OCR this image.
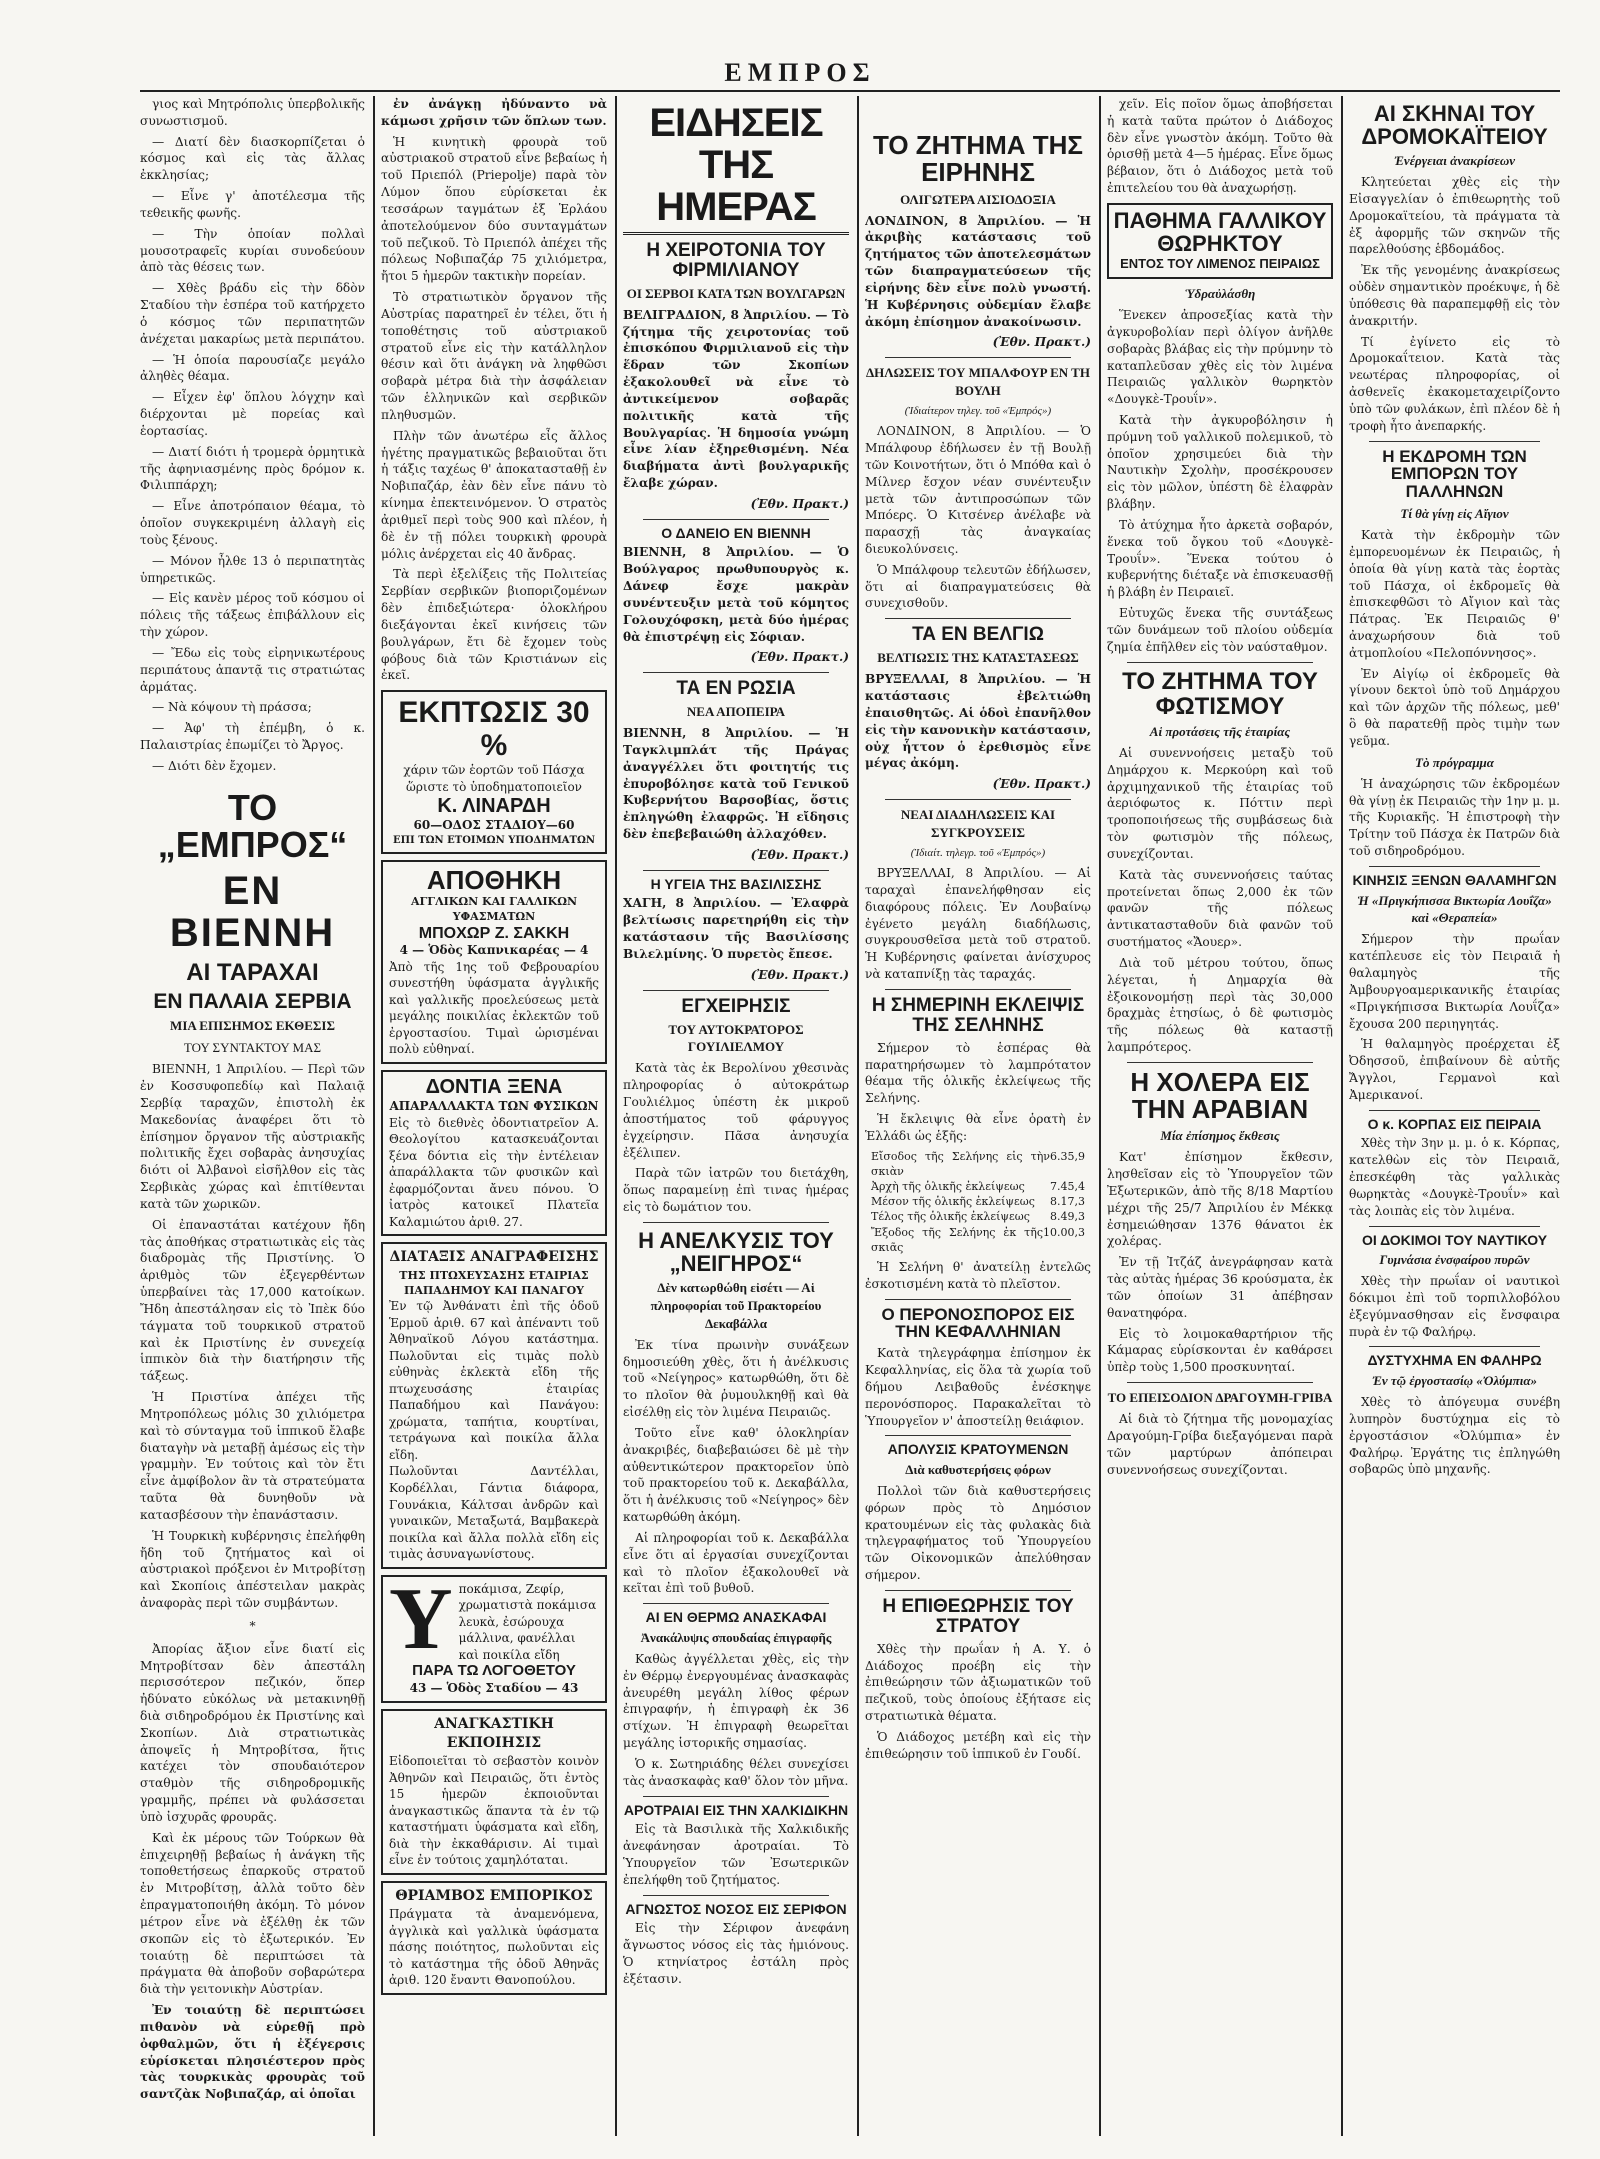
ΕΜΠΡΟΣ

γιος καὶ Μητρόπολις ὑπερβολικῆς συνωστισμοῦ.

— Διατί δὲν διασκορπίζεται ὁ κόσμος καὶ εἰς τὰς ἄλλας ἐκκλησίας;

— Εἶνε γ' ἀποτέλεσμα τῆς τεθεικῆς φωνῆς.

— Τὴν ὁποίαν πολλαὶ μουσοτραφεῖς κυρίαι συνοδεύουν ἀπὸ τὰς θέσεις των.

— Χθὲς βράδυ εἰς τὴν δδὸν Σταδίου τὴν ἑσπέρα τοῦ κατήρχετο ὁ κόσμος τῶν περιπατητῶν ἀνέχεται μακαρίως μετὰ περιπάτου.

— Ἡ ὁποία παρουσίαζε μεγάλο ἀληθὲς θέαμα.

— Εἶχεν ἐφ' ὅπλου λόγχην καὶ διέρχονται μὲ πορείας καὶ ἑορτασίας.

— Διατί διότι ἡ τρομερὰ ὁρμητικὰ τῆς ἀφηνιασμένης πρὸς δρόμον κ. Φιλιππάρχη;

— Εἶνε ἀποτρόπαιον θέαμα, τὸ ὁποῖον συγκεκριμένη ἀλλαγὴ εἰς τοὺς ξένους.

— Μόνον ἦλθε 13 ὁ περιπατητὰς ὑπηρετικῶς.

— Εἰς κανὲν μέρος τοῦ κόσμου οἱ πόλεις τῆς τάξεως ἐπιβάλλουν εἰς τὴν χώρον.

— Ἔδω εἰς τοὺς εἰρηνικωτέρους περιπάτους ἀπαντᾷ τις στρατιώτας ἀρμάτας.

— Νὰ κόψουν τὴ πράσσα;

— Ἀφ' τὴ ἐπέμβη, ὁ κ. Παλαιστρίας ἐπωμίζει τὸ Ἄργος.

— Διότι δὲν ἔχομεν.

ΤΟ „ΕΜΠΡΟΣ“
ΕΝ ΒΙΕΝΝΗ
ΑΙ ΤΑΡΑΧΑΙ
ΕΝ ΠΑΛΑΙΑ ΣΕΡΒΙΑ
ΜΙΑ ΕΠΙΣΗΜΟΣ ΕΚΘΕΣΙΣ
ΤΟΥ ΣΥΝΤΑΚΤΟΥ ΜΑΣ

ΒΙΕΝΝΗ, 1 Ἀπριλίου. — Περὶ τῶν ἐν Κοσσυφοπεδίῳ καὶ Παλαιᾷ Σερβίᾳ ταραχῶν, ἐπιστολὴ ἐκ Μακεδονίας ἀναφέρει ὅτι τὸ ἐπίσημον ὄργανον τῆς αὐστριακῆς πολιτικῆς ἔχει σοβαρὰς ἀνησυχίας διότι οἱ Ἀλβανοὶ εἰσῆλθον εἰς τὰς Σερβικὰς χώρας καὶ ἐπιτίθενται κατὰ τῶν χωρικῶν.

Οἱ ἐπαναστάται κατέχουν ἤδη τὰς ἀποθήκας στρατιωτικὰς εἰς τὰς διαδρομὰς τῆς Πριστίνης. Ὁ ἀριθμὸς τῶν ἐξεγερθέντων ὑπερβαίνει τὰς 17,000 κατοίκων. Ἤδη ἀπεστάλησαν εἰς τὸ Ἰπὲκ δύο τάγματα τοῦ τουρκικοῦ στρατοῦ καὶ ἐκ Πριστίνης ἐν συνεχείᾳ ἱππικὸν διὰ τὴν διατήρησιν τῆς τάξεως.

Ἡ Πριστίνα ἀπέχει τῆς Μητροπόλεως μόλις 30 χιλιόμετρα καὶ τὸ σύνταγμα τοῦ ἱππικοῦ ἔλαβε διαταγὴν νὰ μεταβῇ ἀμέσως εἰς τὴν γραμμὴν. Ἐν τούτοις καὶ τὸν ἔτι εἶνε ἀμφίβολον ἂν τὰ στρατεύματα ταῦτα θὰ δυνηθοῦν νὰ κατασβέσουν τὴν ἐπανάστασιν.

Ἡ Τουρκικὴ κυβέρνησις ἐπελήφθη ἤδη τοῦ ζητήματος καὶ οἱ αὐστριακοὶ πρόξενοι ἐν Μιτροβίτσῃ καὶ Σκοπίοις ἀπέστειλαν μακρὰς ἀναφορὰς περὶ τῶν συμβάντων.

*

Ἀπορίας ἄξιον εἶνε διατί εἰς Μητροβίτσαν δὲν ἀπεστάλη περισσότερον πεζικόν, ὅπερ ἠδύνατο εὐκόλως νὰ μετακινηθῇ διὰ σιδηροδρόμου ἐκ Πριστίνης καὶ Σκοπίων. Διὰ στρατιωτικὰς ἀποψεῖς ἡ Μητροβίτσα, ἥτις κατέχει τὸν σπουδαιότερον σταθμὸν τῆς σιδηροδρομικῆς γραμμῆς, πρέπει νὰ φυλάσσεται ὑπὸ ἰσχυρᾶς φρουρᾶς.

Καὶ ἐκ μέρους τῶν Τούρκων θὰ ἐπιχειρηθῇ βεβαίως ἡ ἀνάγκη τῆς τοποθετήσεως ἐπαρκοῦς στρατοῦ ἐν Μιτροβίτσῃ, ἀλλὰ τοῦτο δὲν ἐπραγματοποιήθη ἀκόμη. Τὸ μόνον μέτρον εἶνε νὰ ἐξέλθῃ ἐκ τῶν σκοπῶν εἰς τὸ ἐξωτερικόν. Ἐν τοιαύτῃ δὲ περιπτώσει τὰ πράγματα θὰ ἀποβοῦν σοβαρώτερα διὰ τὴν γειτονικὴν Αὐστρίαν.

Ἐν τοιαύτῃ δὲ περιπτώσει πιθανὸν νὰ εὑρεθῇ πρὸ ὀφθαλμῶν, ὅτι ἡ ἐξέγερσις εὑρίσκεται πλησιέστερον πρὸς τὰς τουρκικὰς φρουρὰς τοῦ σαντζὰκ Νοβιπαζάρ, αἱ ὁποῖαι

ἐν ἀνάγκῃ ἠδύναντο νὰ κάμωσι χρῆσιν τῶν ὅπλων των.

Ἡ κινητικὴ φρουρὰ τοῦ αὐστριακοῦ στρατοῦ εἶνε βεβαίως ἡ τοῦ Πριεπόλ (Priepolje) παρὰ τὸν Λύμον ὅπου εὑρίσκεται ἐκ τεσσάρων ταγμάτων ἐξ Ἑρλάου ἀποτελούμενον δύο συνταγμάτων τοῦ πεζικοῦ. Τὸ Πριεπόλ ἀπέχει τῆς πόλεως Νοβιπαζάρ 75 χιλιόμετρα, ἤτοι 5 ἡμερῶν τακτικὴν πορείαν.

Τὸ στρατιωτικὸν ὄργανον τῆς Αὐστρίας παρατηρεῖ ἐν τέλει, ὅτι ἡ τοποθέτησις τοῦ αὐστριακοῦ στρατοῦ εἶνε εἰς τὴν κατάλληλον θέσιν καὶ ὅτι ἀνάγκη νὰ ληφθῶσι σοβαρὰ μέτρα διὰ τὴν ἀσφάλειαν τῶν ἑλληνικῶν καὶ σερβικῶν πληθυσμῶν.

Πλὴν τῶν ἀνωτέρω εἶς ἄλλος ἡγέτης πραγματικῶς βεβαιοῦται ὅτι ἡ τάξις ταχέως θ' ἀποκατασταθῇ ἐν Νοβιπαζάρ, ἐὰν δὲν εἶνε πάνυ τὸ κίνημα ἐπεκτεινόμενον. Ὁ στρατὸς ἀριθμεῖ περὶ τοὺς 900 καὶ πλέον, ἡ δὲ ἐν τῇ πόλει τουρκικὴ φρουρὰ μόλις ἀνέρχεται εἰς 40 ἄνδρας.

Τὰ περὶ ἐξελίξεις τῆς Πολιτείας Σερβίαν σερβικῶν βιοποριζομένων δὲν ἐπιδεξιώτερα· ὁλοκλήρου διεξάγονται ἐκεῖ κινήσεις τῶν βουλγάρων, ἔτι δὲ ἔχομεν τοὺς φόβους διὰ τῶν Κριστιάνων εἰς ἐκεῖ.

ΕΚΠΤΩΣΙΣ 30 %
χάριν τῶν ἑορτῶν τοῦ Πάσχα ὥριστε τὸ ὑποδηματοποιεῖον
Κ. ΛΙΝΑΡΔΗ
60—ΟΔΟΣ ΣΤΑΔΙΟΥ—60
ΕΠΙ ΤΩΝ ΕΤΟΙΜΩΝ ΥΠΟΔΗΜΑΤΩΝ
ΑΠΟΘΗΚΗ
ΑΓΓΛΙΚΩΝ ΚΑΙ ΓΑΛΛΙΚΩΝ ΥΦΑΣΜΑΤΩΝ
ΜΠΟΧΩΡ Ζ. ΣΑΚΚΗ
4 — Ὁδὸς Καπνικαρέας — 4
Ἀπὸ τῆς 1ης τοῦ Φεβρουαρίου συνεστήθη ὑφάσματα ἀγγλικῆς καὶ γαλλικῆς προελεύσεως μετὰ μεγάλης ποικιλίας ἐκλεκτῶν τοῦ ἐργοστασίου. Τιμαὶ ὡρισμέναι πολὺ εὐθηναί.
ΔΟΝΤΙΑ ΞΕΝΑ
ΑΠΑΡΑΛΛΑΚΤΑ ΤΩΝ ΦΥΣΙΚΩΝ
Εἰς τὸ διεθνὲς ὀδοντιατρεῖον Α. Θεολογίτου κατασκευάζονται ξένα δόντια εἰς τὴν ἐντέλειαν ἀπαράλλακτα τῶν φυσικῶν καὶ ἐφαρμόζονται ἄνευ πόνου. Ὁ ἰατρὸς κατοικεῖ Πλατεῖα Καλαμιώτου ἀριθ. 27.
ΔΙΑΤΑΞΙΣ ΑΝΑΓΡΑΦΕΙΣΗΣ
ΤΗΣ ΠΤΩΧΕΥΣΑΣΗΣ ΕΤΑΙΡΙΑΣ ΠΑΠΑΔΗΜΟΥ ΚΑΙ ΠΑΝΑΓΟΥ
Ἐν τῷ Ἀνθάνατι ἐπὶ τῆς ὁδοῦ Ἑρμοῦ ἀριθ. 67 καὶ ἀπέναντι τοῦ Ἀθηναϊκοῦ Λόγου κατάστημα. Πωλοῦνται εἰς τιμὰς πολὺ εὐθηνὰς ἐκλεκτὰ εἴδη τῆς πτωχευσάσης ἑταιρίας Παπαδήμου καὶ Πανάγου: χρώματα, ταπήτια, κουρτίναι, τετράγωνα καὶ ποικίλα ἄλλα εἴδη.
Πωλοῦνται Δαντέλλαι, Κορδέλλαι, Γάντια διάφορα, Γουνάκια, Κάλτσαι ἀνδρῶν καὶ γυναικῶν, Μεταξωτά, Βαμβακερὰ ποικίλα καὶ ἄλλα πολλὰ εἴδη εἰς τιμὰς ἀσυναγωνίστους.
Υ ποκάμισα, Ζεφίρ, χρωματιστὰ ποκάμισα λευκὰ, ἐσώρουχα μάλλινα, φανέλλαι καὶ ποικίλα εἴδη
ΠΑΡΑ ΤΩ ΛΟΓΟΘΕΤΟΥ
43 — Ὁδὸς Σταδίου — 43
ΑΝΑΓΚΑΣΤΙΚΗ ΕΚΠΟΙΗΣΙΣ
Εἰδοποιεῖται τὸ σεβαστὸν κοινὸν Ἀθηνῶν καὶ Πειραιῶς, ὅτι ἐντὸς 15 ἡμερῶν ἐκποιοῦνται ἀναγκαστικῶς ἅπαντα τὰ ἐν τῷ καταστήματι ὑφάσματα καὶ εἴδη, διὰ τὴν ἐκκαθάρισιν. Αἱ τιμαὶ εἶνε ἐν τούτοις χαμηλόταται.
ΘΡΙΑΜΒΟΣ ΕΜΠΟΡΙΚΟΣ
Πράγματα τὰ ἀναμενόμενα, ἀγγλικὰ καὶ γαλλικὰ ὑφάσματα πάσης ποιότητος, πωλοῦνται εἰς τὸ κατάστημα τῆς ὁδοῦ Ἀθηνᾶς ἀριθ. 120 ἔναντι Θανοπούλου.
ΕΙΔΗΣΕΙΣ ΤΗΣ ΗΜΕΡΑΣ
Η ΧΕΙΡΟΤΟΝΙΑ ΤΟΥ ΦΙΡΜΙΛΙΑΝΟΥ
ΟΙ ΣΕΡΒΟΙ ΚΑΤΑ ΤΩΝ ΒΟΥΛΓΑΡΩΝ

ΒΕΛΙΓΡΑΔΙΟΝ, 8 Ἀπριλίου. — Τὸ ζήτημα τῆς χειροτονίας τοῦ ἐπισκόπου Φιρμιλιανοῦ εἰς τὴν ἕδραν τῶν Σκοπίων ἐξακολουθεῖ νὰ εἶνε τὸ ἀντικείμενον σοβαρᾶς πολιτικῆς κατὰ τῆς Βουλγαρίας. Ἡ δημοσία γνώμη εἶνε λίαν ἐξηρεθισμένη. Νέα διαβήματα ἀντὶ βουλγαρικῆς ἔλαβε χώραν.

(Ἐθν. Πρακτ.)

Ο ΔΑΝΕΙΟ ΕΝ ΒΙΕΝΝΗ

ΒΙΕΝΝΗ, 8 Ἀπριλίου. — Ὁ Βούλγαρος πρωθυπουργὸς κ. Δάνεφ ἔσχε μακρὰν συνέντευξιν μετὰ τοῦ κόμητος Γολουχόφσκη, μετὰ δύο ἡμέρας θὰ ἐπιστρέψῃ εἰς Σόφιαν.

(Ἐθν. Πρακτ.)

ΤΑ ΕΝ ΡΩΣΙΑ
ΝΕΑ ΑΠΟΠΕΙΡΑ

ΒΙΕΝΝΗ, 8 Ἀπριλίου. — Ἡ Ταγκλιμπλάτ τῆς Πράγας ἀναγγέλλει ὅτι φοιτητής τις ἐπυροβόλησε κατὰ τοῦ Γενικοῦ Κυβερνήτου Βαρσοβίας, ὅστις ἐπληγώθη ἐλαφρῶς. Ἡ εἴδησις δὲν ἐπεβεβαιώθη ἀλλαχόθεν.

(Ἐθν. Πρακτ.)

Η ΥΓΕΙΑ ΤΗΣ ΒΑΣΙΛΙΣΣΗΣ

ΧΑΓΗ, 8 Ἀπριλίου. — Ἐλαφρὰ βελτίωσις παρετηρήθη εἰς τὴν κατάστασιν τῆς Βασιλίσσης Βιλελμίνης. Ὁ πυρετὸς ἔπεσε.

(Ἐθν. Πρακτ.)

ΕΓΧΕΙΡΗΣΙΣ
ΤΟΥ ΑΥΤΟΚΡΑΤΟΡΟΣ ΓΟΥΙΛΙΕΛΜΟΥ

Κατὰ τὰς ἐκ Βερολίνου χθεσινὰς πληροφορίας ὁ αὐτοκράτωρ Γουλιέλμος ὑπέστη ἐκ μικροῦ ἀποστήματος τοῦ φάρυγγος ἐγχείρησιν. Πᾶσα ἀνησυχία ἐξέλιπεν.

Παρὰ τῶν ἰατρῶν του διετάχθη, ὅπως παραμείνῃ ἐπὶ τινας ἡμέρας εἰς τὸ δωμάτιον του.

Η ΑΝΕΛΚΥΣΙΣ ΤΟΥ „ΝΕΙΓΗΡΟΣ“
Δὲν κατωρθώθη εἰσέτι — Αἱ πληροφορίαι τοῦ Πρακτορείου Δεκαβάλλα

Ἐκ τίνα πρωινὴν συνάξεων δημοσιεύθη χθὲς, ὅτι ἡ ἀνέλκυσις τοῦ «Νείγηρος» κατωρθώθη, ὅτι δὲ το πλοῖον θὰ ῥυμουλκηθῇ καὶ θὰ εἰσέλθῃ εἰς τὸν λιμένα Πειραιῶς.

Τοῦτο εἶνε καθ' ὁλοκληρίαν ἀνακριβές, διαβεβαιώσει δὲ μὲ τὴν αὐθεντικώτερον πρακτορεῖον ὑπὸ τοῦ πρακτορείου τοῦ κ. Δεκαβάλλα, ὅτι ἡ ἀνέλκυσις τοῦ «Νείγηρος» δὲν κατωρθώθη ἀκόμη.

Αἱ πληροφορίαι τοῦ κ. Δεκαβάλλα εἶνε ὅτι αἱ ἐργασίαι συνεχίζονται καὶ τὸ πλοῖον ἐξακολουθεῖ νὰ κεῖται ἐπὶ τοῦ βυθοῦ.

ΑΙ ΕΝ ΘΕΡΜΩ ΑΝΑΣΚΑΦΑΙ
Ἀνακάλυψις σπουδαίας ἐπιγραφῆς

Καθὼς ἀγγέλλεται χθὲς, εἰς τὴν ἐν Θέρμῳ ἐνεργουμένας ἀνασκαφὰς ἀνευρέθη μεγάλη λίθος φέρων ἐπιγραφήν, ἡ ἐπιγραφὴ ἐκ 36 στίχων. Ἡ ἐπιγραφὴ θεωρεῖται μεγάλης ἱστορικῆς σημασίας.

Ὁ κ. Σωτηριάδης θέλει συνεχίσει τὰς ἀνασκαφὰς καθ' ὅλον τὸν μῆνα.

ΑΡΟΤΡΑΙΑΙ ΕΙΣ ΤΗΝ ΧΑΛΚΙΔΙΚΗΝ

Εἰς τὰ Βασιλικὰ τῆς Χαλκιδικῆς ἀνεφάνησαν ἀροτραίαι. Τὸ Ὑπουργεῖον τῶν Ἐσωτερικῶν ἐπελήφθη τοῦ ζητήματος.

ΑΓΝΩΣΤΟΣ ΝΟΣΟΣ ΕΙΣ ΣΕΡΙΦΟΝ

Εἰς τὴν Σέριφον ἀνεφάνη ἄγνωστος νόσος εἰς τὰς ἡμιόνους. Ὁ κτηνίατρος ἐστάλη πρὸς ἐξέτασιν.

ΤΟ ΖΗΤΗΜΑ ΤΗΣ ΕΙΡΗΝΗΣ
ΟΛΙΓΩΤΕΡΑ ΑΙΣΙΟΔΟΞΙΑ

ΛΟΝΔΙΝΟΝ, 8 Ἀπριλίου. — Ἡ ἀκριβὴς κατάστασις τοῦ ζητήματος τῶν ἀποτελεσμάτων τῶν διαπραγματεύσεων τῆς εἰρήνης δὲν εἶνε πολὺ γνωστή. Ἡ Κυβέρνησις οὐδεμίαν ἔλαβε ἀκόμη ἐπίσημον ἀνακοίνωσιν.

(Ἐθν. Πρακτ.)

ΔΗΛΩΣΕΙΣ ΤΟΥ ΜΠΑΛΦΟΥΡ ΕΝ ΤΗ ΒΟΥΛΗ
(Ἰδιαίτερον τηλεγ. τοῦ «Ἐμπρός»)

ΛΟΝΔΙΝΟΝ, 8 Ἀπριλίου. — Ὁ Μπάλφουρ ἐδήλωσεν ἐν τῇ Βουλῇ τῶν Κοινοτήτων, ὅτι ὁ Μπόθα καὶ ὁ Μίλνερ ἔσχον νέαν συνέντευξιν μετὰ τῶν ἀντιπροσώπων τῶν Μπόερς. Ὁ Κιτσένερ ἀνέλαβε νὰ παρασχῇ τὰς ἀναγκαίας διευκολύνσεις.

Ὁ Μπάλφουρ τελευτῶν ἐδήλωσεν, ὅτι αἱ διαπραγματεύσεις θὰ συνεχισθοῦν.

ΤΑ ΕΝ ΒΕΛΓΙΩ
ΒΕΛΤΙΩΣΙΣ ΤΗΣ ΚΑΤΑΣΤΑΣΕΩΣ

ΒΡΥΞΕΛΛΑΙ, 8 Ἀπριλίου. — Ἡ κατάστασις ἐβελτιώθη ἐπαισθητῶς. Αἱ ὁδοὶ ἐπανῆλθον εἰς τὴν κανονικὴν κατάστασιν, οὐχ ἧττον ὁ ἐρεθισμὸς εἶνε μέγας ἀκόμη.

(Ἐθν. Πρακτ.)

ΝΕΑΙ ΔΙΑΔΗΛΩΣΕΙΣ ΚΑΙ ΣΥΓΚΡΟΥΣΕΙΣ
(Ἰδιαίτ. τηλεγρ. τοῦ «Ἐμπρός»)

ΒΡΥΞΕΛΛΑΙ, 8 Ἀπριλίου. — Αἱ ταραχαὶ ἐπανελήφθησαν εἰς διαφόρους πόλεις. Ἐν Λουβαίνῳ ἐγένετο μεγάλη διαδήλωσις, συγκρουσθεῖσα μετὰ τοῦ στρατοῦ. Ἡ Κυβέρνησις φαίνεται ἀνίσχυρος νὰ καταπνίξῃ τὰς ταραχάς.

Η ΣΗΜΕΡΙΝΗ ΕΚΛΕΙΨΙΣ ΤΗΣ ΣΕΛΗΝΗΣ

Σήμερον τὸ ἑσπέρας θὰ παρατηρήσωμεν τὸ λαμπρότατον θέαμα τῆς ὁλικῆς ἐκλείψεως τῆς Σελήνης.

Ἡ ἔκλειψις θὰ εἶνε ὁρατὴ ἐν Ἑλλάδι ὡς ἑξῆς:

Εἴσοδος τῆς Σελήνης εἰς τὴν σκιὰν
6.35,9
Ἀρχὴ τῆς ὁλικῆς ἐκλείψεως 7.45,4
Μέσον τῆς ὁλικῆς ἐκλείψεως 8.17,3
Τέλος τῆς ὁλικῆς ἐκλείψεως 8.49,3
Ἔξοδος τῆς Σελήνης ἐκ τῆς σκιᾶς
10.00,3

Ἡ Σελήνη θ' ἀνατείλῃ ἐντελῶς ἐσκοτισμένη κατὰ τὸ πλεῖστον.

Ο ΠΕΡΟΝΟΣΠΟΡΟΣ ΕΙΣ ΤΗΝ ΚΕΦΑΛΛΗΝΙΑΝ

Κατὰ τηλεγράφημα ἐπίσημον ἐκ Κεφαλληνίας, εἰς ὅλα τὰ χωρία τοῦ δήμου Λειβαθοῦς ἐνέσκηψε περονόσπορος. Παρακαλεῖται τὸ Ὑπουργεῖον ν' ἀποστείλῃ θειάφιον.

ΑΠΟΛΥΣΙΣ ΚΡΑΤΟΥΜΕΝΩΝ
Διὰ καθυστερήσεις φόρων

Πολλοὶ τῶν διὰ καθυστερήσεις φόρων πρὸς τὸ Δημόσιον κρατουμένων εἰς τὰς φυλακὰς διὰ τηλεγραφήματος τοῦ Ὑπουργείου τῶν Οἰκονομικῶν ἀπελύθησαν σήμερον.

Η ΕΠΙΘΕΩΡΗΣΙΣ ΤΟΥ ΣΤΡΑΤΟΥ

Χθὲς τὴν πρωΐαν ἡ Α. Υ. ὁ Διάδοχος προέβη εἰς τὴν ἐπιθεώρησιν τῶν ἀξιωματικῶν τοῦ πεζικοῦ, τοὺς ὁποίους ἐξήτασε εἰς στρατιωτικὰ θέματα.

Ὁ Διάδοχος μετέβη καὶ εἰς τὴν ἐπιθεώρησιν τοῦ ἱππικοῦ ἐν Γουδί.

χεῖν. Εἰς ποῖον ὅμως ἀποβήσεται ἡ κατὰ ταῦτα πρώτον ὁ Διάδοχος δὲν εἶνε γνωστὸν ἀκόμη. Τοῦτο θὰ ὁρισθῇ μετὰ 4—5 ἡμέρας. Εἶνε ὅμως βέβαιον, ὅτι ὁ Διάδοχος μετὰ τοῦ ἐπιτελείου του θὰ ἀναχωρήσῃ.

ΠΑΘΗΜΑ ΓΑΛΛΙΚΟΥ ΘΩΡΗΚΤΟΥ
ΕΝΤΟΣ ΤΟΥ ΛΙΜΕΝΟΣ ΠΕΙΡΑΙΩΣ
Ὑδραὐλάσθη

Ἕνεκεν ἀπροσεξίας κατὰ τὴν ἀγκυροβολίαν περὶ ὀλίγον ἀνῆλθε σοβαρὰς βλάβας εἰς τὴν πρύμνην τὸ καταπλεῦσαν χθὲς εἰς τὸν λιμένα Πειραιῶς γαλλικὸν θωρηκτὸν «Δουγκὲ-Τρουΐν».

Κατὰ τὴν ἀγκυροβόλησιν ἡ πρύμνη τοῦ γαλλικοῦ πολεμικοῦ, τὸ ὁποῖον χρησιμεύει διὰ τὴν Ναυτικὴν Σχολὴν, προσέκρουσεν εἰς τὸν μῶλον, ὑπέστη δὲ ἐλαφρὰν βλάβην.

Τὸ ἀτύχημα ἦτο ἀρκετὰ σοβαρόν, ἕνεκα τοῦ ὄγκου τοῦ «Δουγκὲ-Τρουΐν». Ἕνεκα τούτου ὁ κυβερνήτης διέταξε νὰ ἐπισκευασθῇ ἡ βλάβη ἐν Πειραιεῖ.

Εὐτυχῶς ἕνεκα τῆς συντάξεως τῶν δυνάμεων τοῦ πλοίου οὐδεμία ζημία ἐπῆλθεν εἰς τὸν ναύσταθμον.

ΤΟ ΖΗΤΗΜΑ ΤΟΥ ΦΩΤΙΣΜΟΥ
Αἱ προτάσεις τῆς ἑταιρίας

Αἱ συνεννοήσεις μεταξὺ τοῦ Δημάρχου κ. Μερκούρη καὶ τοῦ ἀρχιμηχανικοῦ τῆς ἑταιρίας τοῦ ἀεριόφωτος κ. Πόττιν περὶ τροποποιήσεως τῆς συμβάσεως διὰ τὸν φωτισμὸν τῆς πόλεως, συνεχίζονται.

Κατὰ τὰς συνεννοήσεις ταύτας προτείνεται ὅπως 2,000 ἐκ τῶν φανῶν τῆς πόλεως ἀντικατασταθοῦν διὰ φανῶν τοῦ συστήματος «Ἄουερ».

Διὰ τοῦ μέτρου τούτου, ὅπως λέγεται, ἡ Δημαρχία θὰ ἐξοικονομήσῃ περὶ τὰς 30,000 δραχμὰς ἐτησίως, ὁ δὲ φωτισμὸς τῆς πόλεως θὰ καταστῇ λαμπρότερος.

Η ΧΟΛΕΡΑ ΕΙΣ ΤΗΝ ΑΡΑΒΙΑΝ
Μία ἐπίσημος ἔκθεσις

Κατ' ἐπίσημον ἔκθεσιν, λησθεῖσαν εἰς τὸ Ὑπουργεῖον τῶν Ἐξωτερικῶν, ἀπὸ τῆς 8/18 Μαρτίου μέχρι τῆς 25/7 Ἀπριλίου ἐν Μέκκᾳ ἐσημειώθησαν 1376 θάνατοι ἐκ χολέρας.

Ἐν τῇ Ἰτζάζ ἀνεγράφησαν κατὰ τὰς αὐτὰς ἡμέρας 36 κρούσματα, ἐκ τῶν ὁποίων 31 ἀπέβησαν θανατηφόρα.

Εἰς τὸ λοιμοκαθαρτήριον τῆς Κάμαρας εὑρίσκονται ἐν καθάρσει ὑπὲρ τοὺς 1,500 προσκυνηταί.

ΤΟ ΕΠΕΙΣΟΔΙΟΝ ΔΡΑΓΟΥΜΗ-ΓΡΙΒΑ

Αἱ διὰ τὸ ζήτημα τῆς μονομαχίας Δραγούμη-Γρίβα διεξαγόμεναι παρὰ τῶν μαρτύρων ἀπόπειραι συνεννοήσεως συνεχίζονται.

ΑΙ ΣΚΗΝΑΙ ΤΟΥ ΔΡΟΜΟΚΑΪΤΕΙΟΥ
Ἐνέργειαι ἀνακρίσεων

Κλητεύεται χθὲς εἰς τὴν Εἰσαγγελίαν ὁ ἐπιθεωρητὴς τοῦ Δρομοκαϊτείου, τὰ πράγματα τὰ ἐξ ἀφορμῆς τῶν σκηνῶν τῆς παρελθούσης ἑβδομάδος.

Ἐκ τῆς γενομένης ἀνακρίσεως οὐδὲν σημαντικὸν προέκυψε, ἡ δὲ ὑπόθεσις θὰ παραπεμφθῇ εἰς τὸν ἀνακριτήν.

Τί ἐγίνετο εἰς τὸ Δρομοκαΐτειον. Κατὰ τὰς νεωτέρας πληροφορίας, οἱ ἀσθενεῖς ἐκακομεταχειρίζοντο ὑπὸ τῶν φυλάκων, ἐπὶ πλέον δὲ ἡ τροφὴ ἦτο ἀνεπαρκής.

Η ΕΚΔΡΟΜΗ ΤΩΝ ΕΜΠΟΡΩΝ ΤΟΥ ΠΑΛΛΗΝΩΝ
Τί θὰ γίνῃ εἰς Αἴγιον

Κατὰ τὴν ἐκδρομὴν τῶν ἐμπορευομένων ἐκ Πειραιῶς, ἡ ὁποία θὰ γίνῃ κατὰ τὰς ἑορτὰς τοῦ Πάσχα, οἱ ἐκδρομεῖς θὰ ἐπισκεφθῶσι τὸ Αἴγιον καὶ τὰς Πάτρας. Ἐκ Πειραιῶς θ' ἀναχωρήσουν διὰ τοῦ ἀτμοπλοίου «Πελοπόννησος».

Ἐν Αἰγίῳ οἱ ἐκδρομεῖς θὰ γίνουν δεκτοὶ ὑπὸ τοῦ Δημάρχου καὶ τῶν ἀρχῶν τῆς πόλεως, μεθ' ὃ θὰ παρατεθῇ πρὸς τιμὴν των γεῦμα.

Τὸ πρόγραμμα

Ἡ ἀναχώρησις τῶν ἐκδρομέων θὰ γίνῃ ἐκ Πειραιῶς τὴν 1ην μ. μ. τῆς Κυριακῆς. Ἡ ἐπιστροφὴ τὴν Τρίτην τοῦ Πάσχα ἐκ Πατρῶν διὰ τοῦ σιδηροδρόμου.

ΚΙΝΗΣΙΣ ΞΕΝΩΝ ΘΑΛΑΜΗΓΩΝ
Ἡ «Πριγκήπισσα Βικτωρία Λουΐζα» καὶ «Θεραπεία»

Σήμερον τὴν πρωΐαν κατέπλευσε εἰς τὸν Πειραιᾶ ἡ θαλαμηγὸς τῆς Ἀμβουργοαμερικανικῆς ἑταιρίας «Πριγκήπισσα Βικτωρία Λουΐζα» ἔχουσα 200 περιηγητάς.

Ἡ θαλαμηγὸς προέρχεται ἐξ Ὀδησσοῦ, ἐπιβαίνουν δὲ αὐτῆς Ἄγγλοι, Γερμανοὶ καὶ Ἀμερικανοί.

Ο κ. ΚΟΡΠΑΣ ΕΙΣ ΠΕΙΡΑΙΑ

Χθὲς τὴν 3ην μ. μ. ὁ κ. Κόρπας, κατελθὼν εἰς τὸν Πειραιᾶ, ἐπεσκέφθη τὰς γαλλικὰς θωρηκτὰς «Δουγκὲ-Τρουΐν» καὶ τὰς λοιπὰς εἰς τὸν λιμένα.

ΟΙ ΔΟΚΙΜΟΙ ΤΟΥ ΝΑΥΤΙΚΟΥ
Γυμνάσια ἐνσφαίρου πυρῶν

Χθὲς τὴν πρωΐαν οἱ ναυτικοὶ δόκιμοι ἐπὶ τοῦ τορπιλλοβόλου ἐξεγύμνασθησαν εἰς ἔνσφαιρα πυρὰ ἐν τῷ Φαλήρῳ.

ΔΥΣΤΥΧΗΜΑ ΕΝ ΦΑΛΗΡΩ
Ἐν τῷ ἐργοστασίῳ «Ὀλύμπια»

Χθὲς τὸ ἀπόγευμα συνέβη λυπηρὸν δυστύχημα εἰς τὸ ἐργοστάσιον «Ὀλύμπια» ἐν Φαλήρῳ. Ἐργάτης τις ἐπληγώθη σοβαρῶς ὑπὸ μηχανῆς.
